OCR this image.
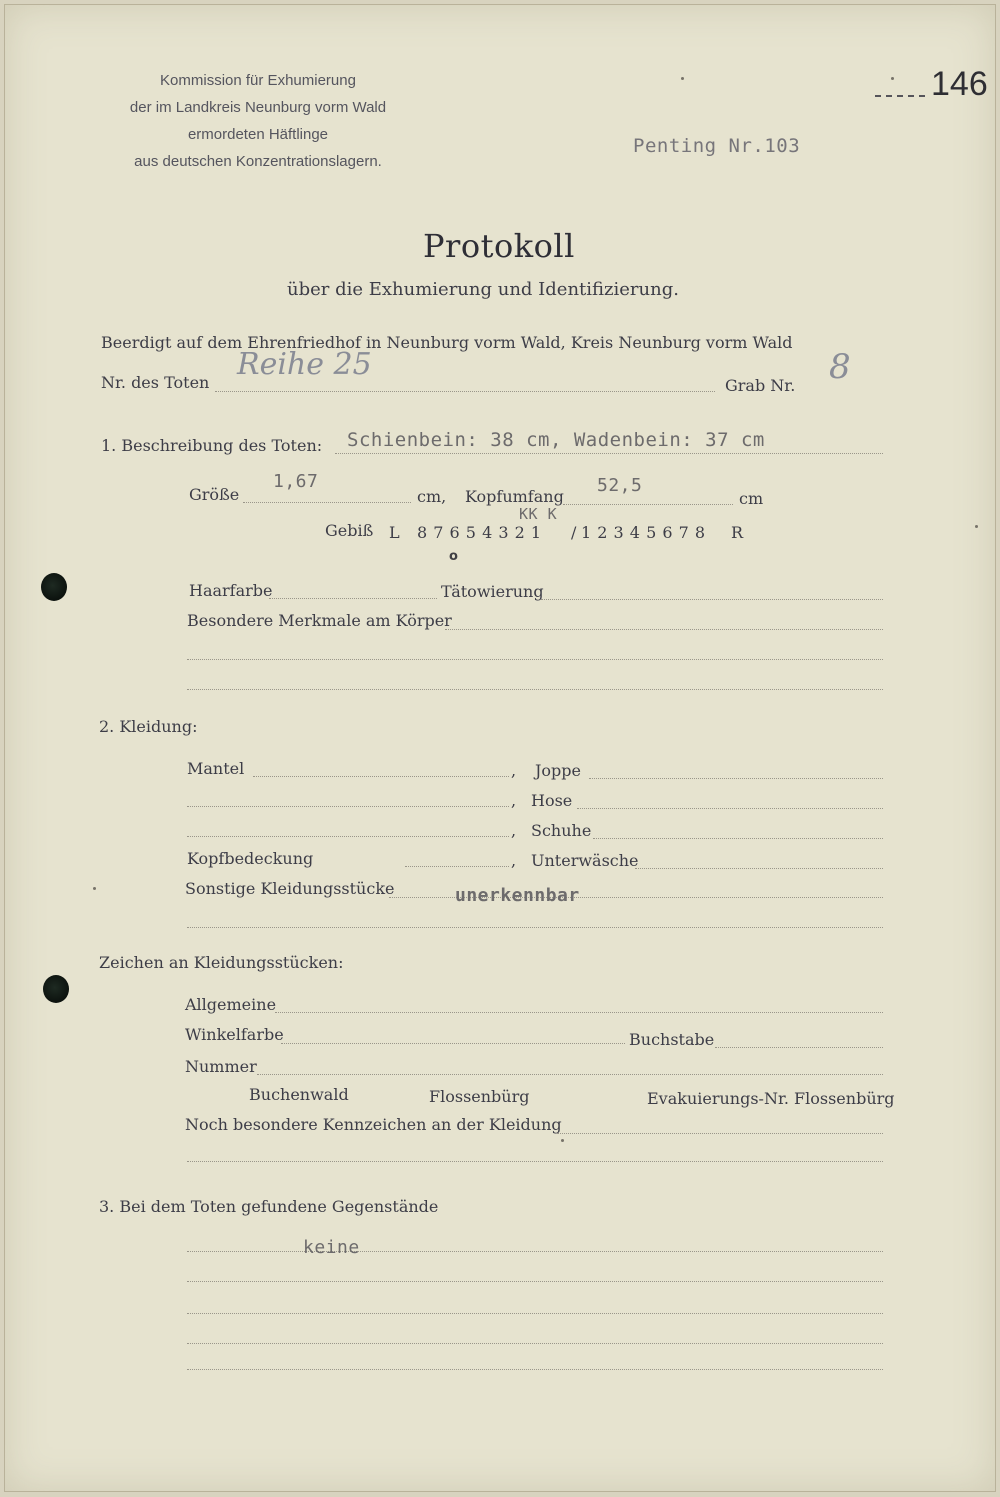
146
Kommission für Exhumierung
der im Landkreis Neunburg vorm Wald
ermordeten Häftlinge
aus deutschen Konzentrationslagern.
Penting Nr.103
Protokoll
über die Exhumierung und Identifizierung.
Beerdigt auf dem Ehrenfriedhof in Neunburg vorm Wald, Kreis Neunburg vorm Wald
Nr. des Toten
Reihe 25
Grab Nr. 8
1. Beschreibung des Toten: Schienbein: 38 cm, Wadenbein: 37 cm
Größe
1,67
cm, Kopfumfang
52,5
cm
Gebiß L 8 7 6 5 4 3 2 1 / 1 2 3 4 5 6 7 8 R
KK K
o
Haarfarbe	Tätowierung
Besondere Merkmale am Körper
2. Kleidung:
Mantel	, Joppe
, Hose
, Schuhe
Kopfbedeckung	, Unterwäsche
Sonstige Kleidungsstücke	unerkennbar
Zeichen an Kleidungsstücken:
Allgemeine
Winkelfarbe	Buchstabe
Nummer
Buchenwald	Flossenbürg	Evakuierungs-Nr. Flossenbürg
Noch besondere Kennzeichen an der Kleidung
3. Bei dem Toten gefundene Gegenstände
keine
